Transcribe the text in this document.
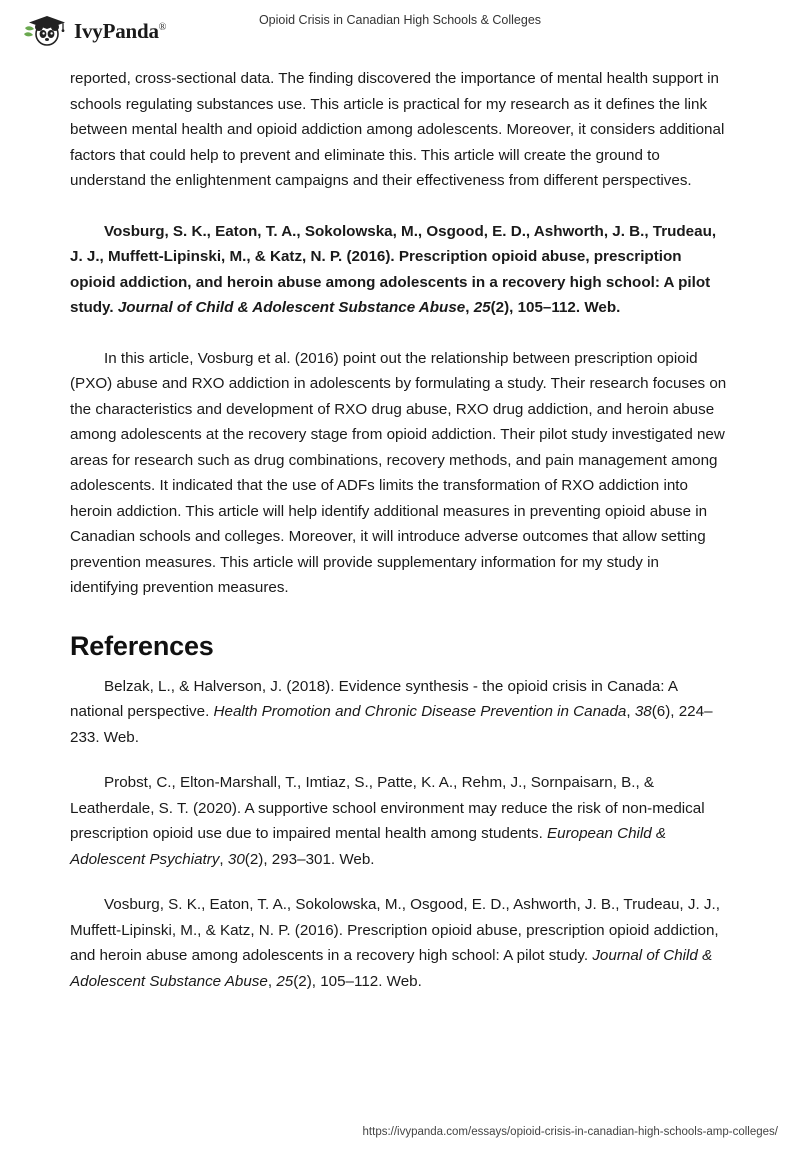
IvyPanda®	Opioid Crisis in Canadian High Schools & Colleges

reported, cross-sectional data. The finding discovered the importance of mental health support in schools regulating substances use. This article is practical for my research as it defines the link between mental health and opioid addiction among adolescents. Moreover, it considers additional factors that could help to prevent and eliminate this. This article will create the ground to understand the enlightenment campaigns and their effectiveness from different perspectives.

Vosburg, S. K., Eaton, T. A., Sokolowska, M., Osgood, E. D., Ashworth, J. B., Trudeau, J. J., Muffett-Lipinski, M., & Katz, N. P. (2016). Prescription opioid abuse, prescription opioid addiction, and heroin abuse among adolescents in a recovery high school: A pilot study. Journal of Child & Adolescent Substance Abuse, 25(2), 105–112. Web.

In this article, Vosburg et al. (2016) point out the relationship between prescription opioid (PXO) abuse and RXO addiction in adolescents by formulating a study. Their research focuses on the characteristics and development of RXO drug abuse, RXO drug addiction, and heroin abuse among adolescents at the recovery stage from opioid addiction. Their pilot study investigated new areas for research such as drug combinations, recovery methods, and pain management among adolescents. It indicated that the use of ADFs limits the transformation of RXO addiction into heroin addiction. This article will help identify additional measures in preventing opioid abuse in Canadian schools and colleges. Moreover, it will introduce adverse outcomes that allow setting prevention measures. This article will provide supplementary information for my study in identifying prevention measures.

References
Belzak, L., & Halverson, J. (2018). Evidence synthesis - the opioid crisis in Canada: A national perspective. Health Promotion and Chronic Disease Prevention in Canada, 38(6), 224–233. Web.
Probst, C., Elton-Marshall, T., Imtiaz, S., Patte, K. A., Rehm, J., Sornpaisarn, B., & Leatherdale, S. T. (2020). A supportive school environment may reduce the risk of non-medical prescription opioid use due to impaired mental health among students. European Child & Adolescent Psychiatry, 30(2), 293–301. Web.
Vosburg, S. K., Eaton, T. A., Sokolowska, M., Osgood, E. D., Ashworth, J. B., Trudeau, J. J., Muffett-Lipinski, M., & Katz, N. P. (2016). Prescription opioid abuse, prescription opioid addiction, and heroin abuse among adolescents in a recovery high school: A pilot study. Journal of Child & Adolescent Substance Abuse, 25(2), 105–112. Web.
https://ivypanda.com/essays/opioid-crisis-in-canadian-high-schools-amp-colleges/
